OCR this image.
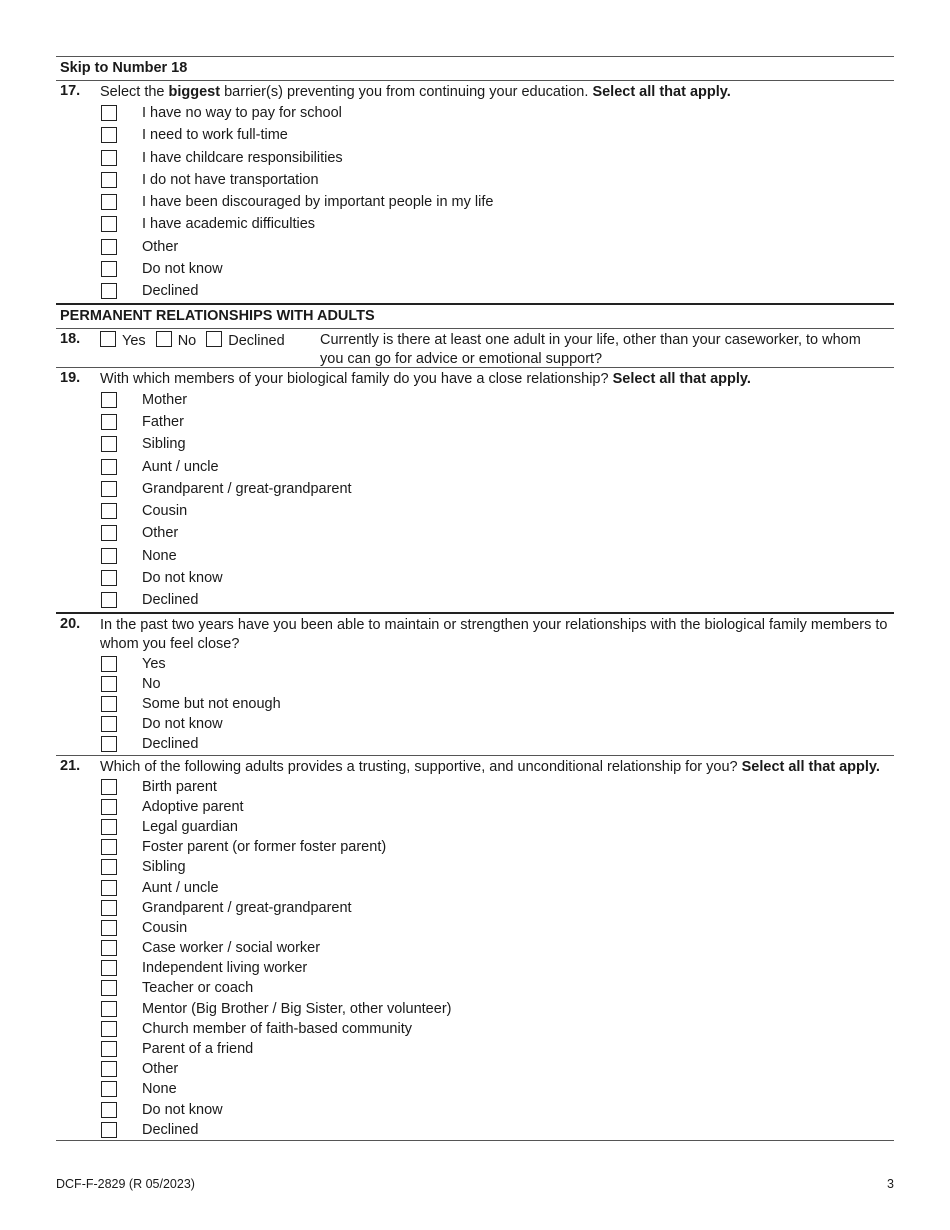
Skip to Number 18
17. Select the biggest barrier(s) preventing you from continuing your education. Select all that apply.
I have no way to pay for school
I need to work full-time
I have childcare responsibilities
I do not have transportation
I have been discouraged by important people in my life
I have academic difficulties
Other
Do not know
Declined
PERMANENT RELATIONSHIPS WITH ADULTS
18.	Yes No Declined	Currently is there at least one adult in your life, other than your caseworker, to whom you can go for advice or emotional support?
19. With which members of your biological family do you have a close relationship? Select all that apply.
Mother
Father
Sibling
Aunt / uncle
Grandparent / great-grandparent
Cousin
Other
None
Do not know
Declined
20. In the past two years have you been able to maintain or strengthen your relationships with the biological family members to whom you feel close?
Yes
No
Some but not enough
Do not know
Declined
21. Which of the following adults provides a trusting, supportive, and unconditional relationship for you? Select all that apply.
Birth parent
Adoptive parent
Legal guardian
Foster parent (or former foster parent)
Sibling
Aunt / uncle
Grandparent / great-grandparent
Cousin
Case worker / social worker
Independent living worker
Teacher or coach
Mentor (Big Brother / Big Sister, other volunteer)
Church member of faith-based community
Parent of a friend
Other
None
Do not know
Declined
DCF-F-2829 (R 05/2023)	3
